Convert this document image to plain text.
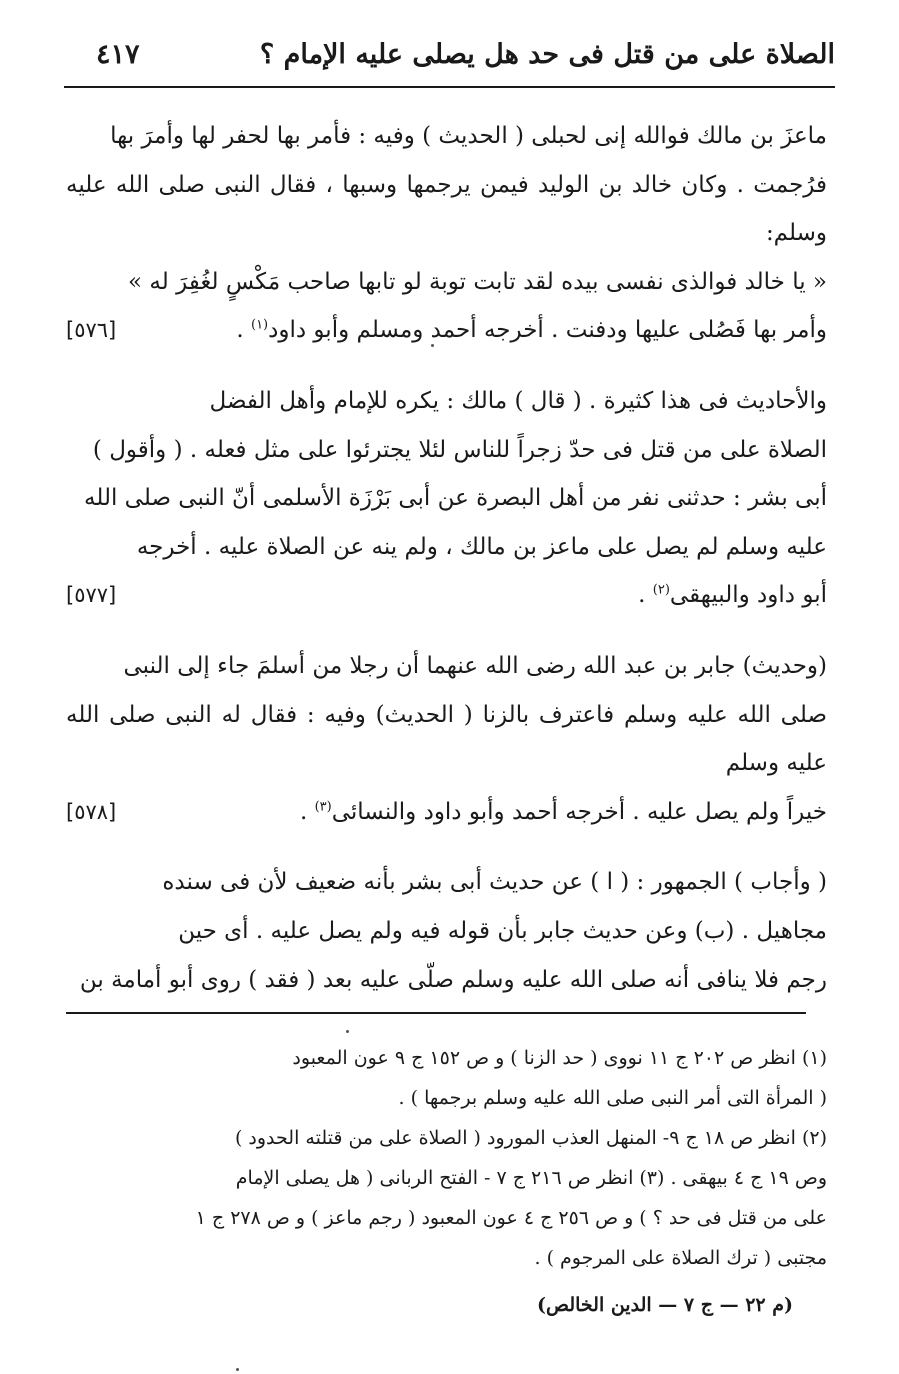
الصلاة على من قتل فى حد هل يصلى عليه الإمام ؟
٤١٧
ماعزَ بن مالك فوالله إنى لحبلى ( الحديث ) وفيه : فأمر بها لحفر لها وأمرَ بها
فرُجمت . وكان خالد بن الوليد فيمن يرجمها وسبها ، فقال النبى صلى الله عليه وسلم:
« يا خالد فوالذى نفسى بيده لقد تابت توبة لو تابها صاحب مَكْسٍ لغُفِرَ له »
وأمر بها فَصُلى عليها ودفنت . أخرجه أحمد ومسلم وأبو داود$^{(١)}$ .
[٥٧٦]
والأحاديث فى هذا كثيرة . ( قال ) مالك : يكره للإمام وأهل الفضل
الصلاة على من قتل فى حدّ زجراً للناس لئلا يجترئوا على مثل فعله . ( وأقول )
أبى بشر : حدثنى نفر من أهل البصرة عن أبى بَرْزَة الأسلمى أنّ النبى صلى الله
عليه وسلم لم يصل على ماعز بن مالك ، ولم ينه عن الصلاة عليه . أخرجه
أبو داود والبيهقى$^{(٢)}$ .
[٥٧٧]
(وحديث) جابر بن عبد الله رضى الله عنهما أن رجلا من أسلمَ جاء إلى النبى
صلى الله عليه وسلم فاعترف بالزنا ( الحديث) وفيه : فقال له النبى صلى الله عليه وسلم
خيراً ولم يصل عليه . أخرجه أحمد وأبو داود والنسائى$^{(٣)}$ .
[٥٧٨]
( وأجاب ) الجمهور : ( ا ) عن حديث أبى بشر بأنه ضعيف لأن فى سنده
مجاهيل . (ب) وعن حديث جابر بأن قوله فيه ولم يصل عليه . أى حين
رجم فلا ينافى أنه صلى الله عليه وسلم صلّى عليه بعد ( فقد ) روى أبو أمامة بن

(١) انظر ص ٢٠٢ ج ١١ نووى ( حد الزنا ) و ص ١٥٢ ج ٩ عون المعبود

( المرأة التى أمر النبى صلى الله عليه وسلم برجمها ) .

(٢) انظر ص ١٨ ج ٩- المنهل العذب المورود ( الصلاة على من قتلته الحدود )

وص ١٩ ج ٤ بيهقى . (٣) انظر ص ٢١٦ ج ٧ - الفتح الربانى ( هل يصلى الإمام

على من قتل فى حد ؟ ) و ص ٢٥٦ ج ٤ عون المعبود ( رجم ماعز ) و ص ٢٧٨ ج ١

مجتبى ( ترك الصلاة على المرجوم ) .

(م ٢٢ — ج ٧ — الدين الخالص)
